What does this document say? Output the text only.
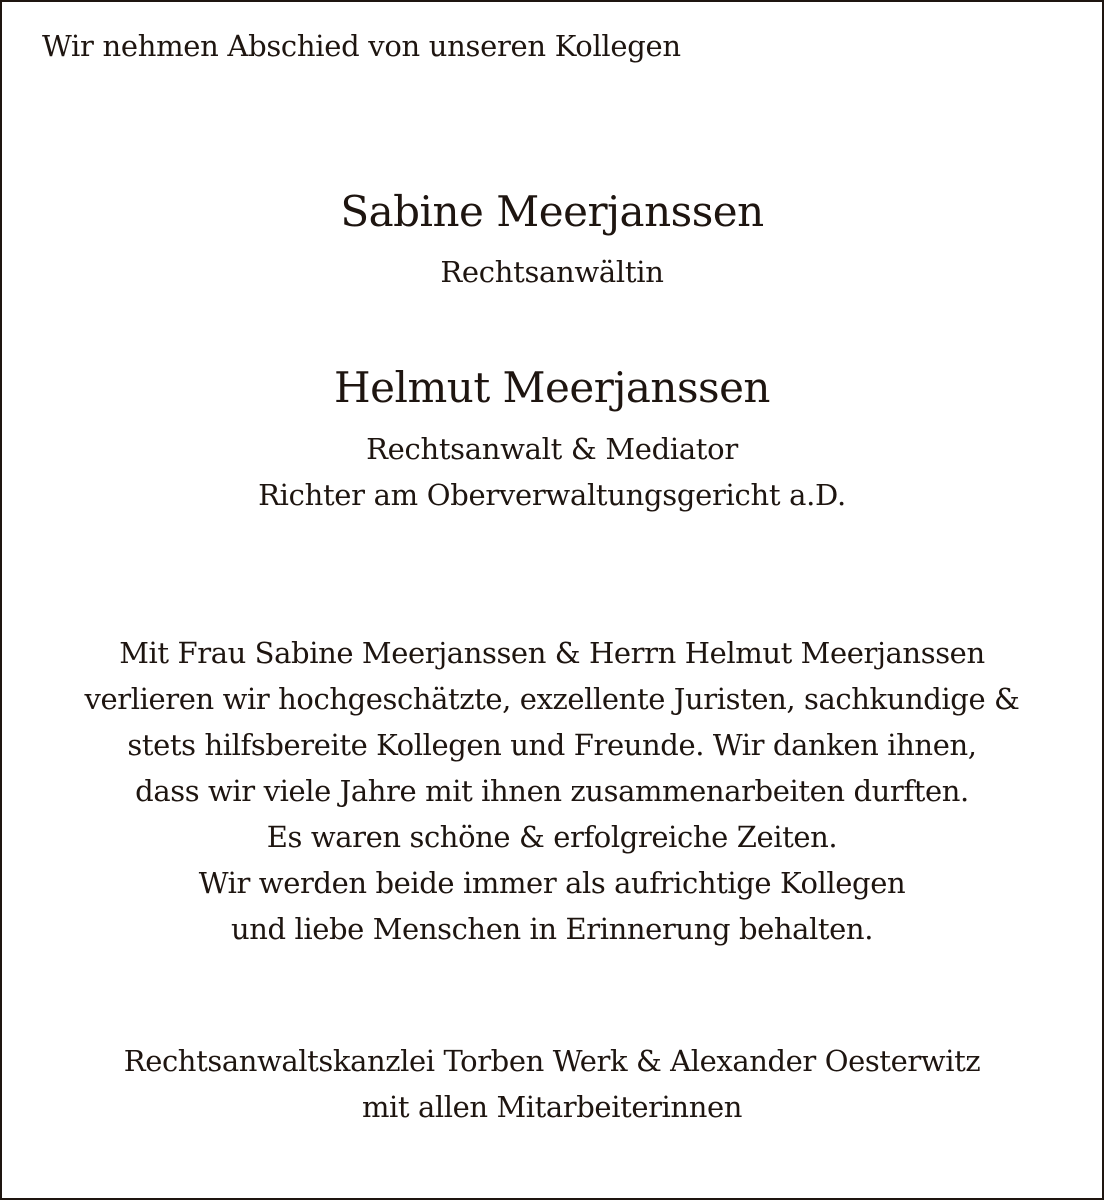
Wir nehmen Abschied von unseren Kollegen
Sabine Meerjanssen
Rechtsanwältin
Helmut Meerjanssen
Rechtsanwalt & Mediator
Richter am Oberverwaltungsgericht a.D.
Mit Frau Sabine Meerjanssen & Herrn Helmut Meerjanssen
verlieren wir hochgeschätzte, exzellente Juristen, sachkundige &
stets hilfsbereite Kollegen und Freunde. Wir danken ihnen,
dass wir viele Jahre mit ihnen zusammenarbeiten durften.
Es waren schöne & erfolgreiche Zeiten.
Wir werden beide immer als aufrichtige Kollegen
und liebe Menschen in Erinnerung behalten.
Rechtsanwaltskanzlei Torben Werk & Alexander Oesterwitz
mit allen Mitarbeiterinnen
